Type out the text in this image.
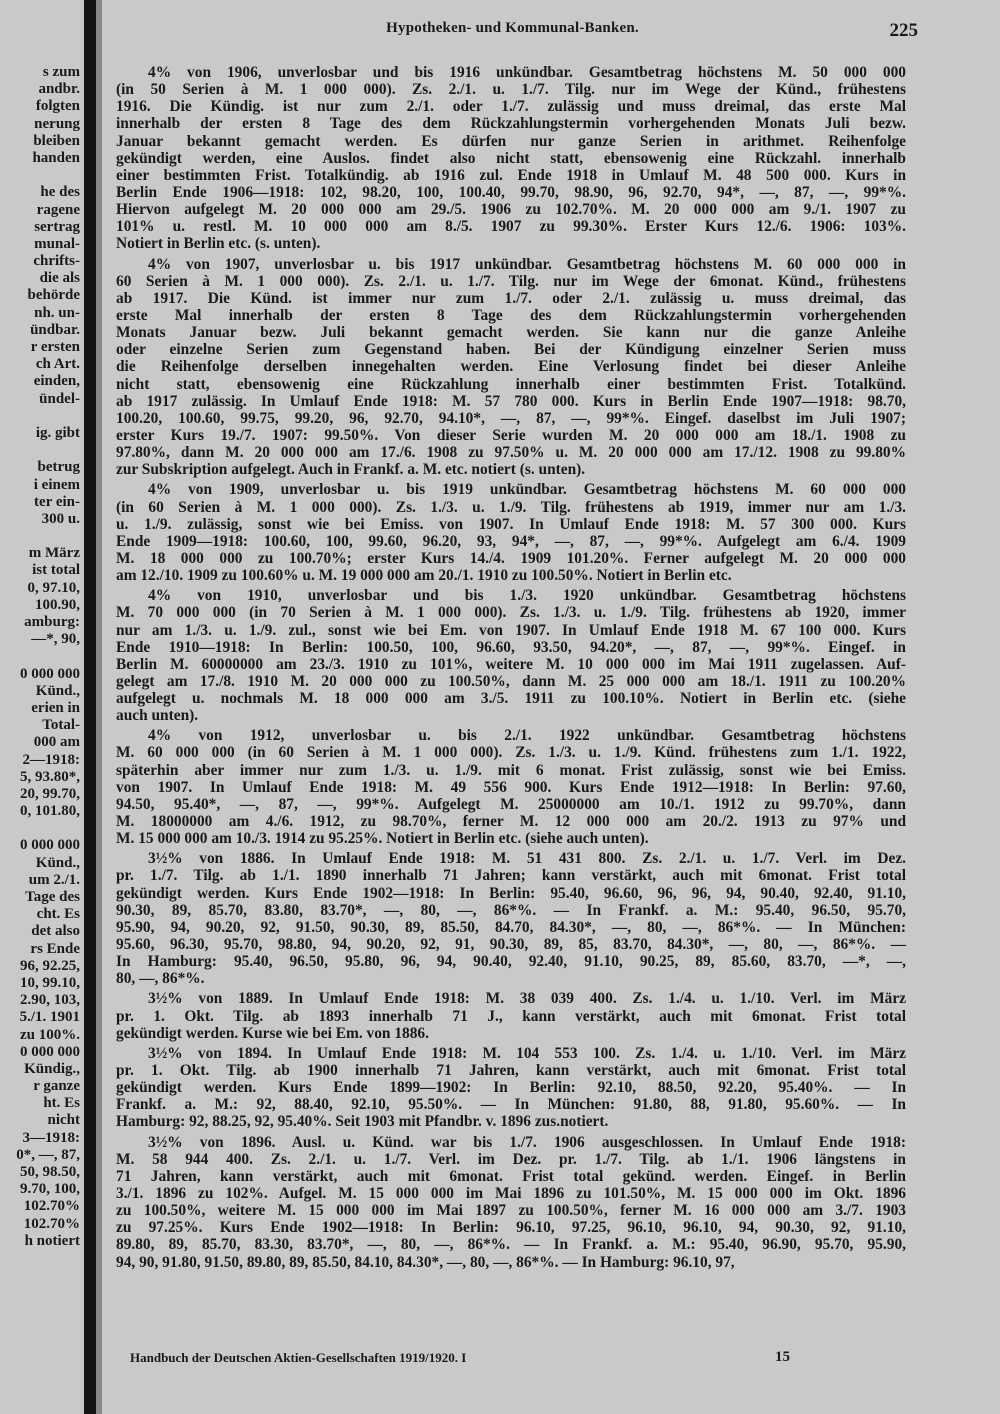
s zum
andbr.
folgten
nerung
bleiben
handen
he des
ragene
sertrag
munal-
chrifts-
die als
behörde
nh. un-
ündbar.
r ersten
ch Art.
einden,
ündel-
ig. gibt
betrug
i einem
ter ein-
300 u.
m März
ist total
0, 97.10,
100.90,
amburg:
—*, 90,
0 000 000
Künd.,
erien in
Total-
000 am
2—1918:
5, 93.80*,
20, 99.70,
0, 101.80,
0 000 000
Künd.,
um 2./1.
Tage des
cht. Es
det also
rs Ende
96, 92.25,
10, 99.10,
2.90, 103,
5./1. 1901
zu 100%.
0 000 000
Kündig.,
r ganze
ht. Es
nicht
3—1918:
0*, —, 87,
50, 98.50,
9.70, 100,
102.70%
102.70%
h notiert
Hypotheken- und Kommunal-Banken.	225
4% von 1906, unverlosbar und bis 1916 unkündbar. Gesamtbetrag höchstens M. 50 000 000
(in 50 Serien à M. 1 000 000). Zs. 2./1. u. 1./7. Tilg. nur im Wege der Künd., frühestens
1916. Die Kündig. ist nur zum 2./1. oder 1./7. zulässig und muss dreimal, das erste Mal
innerhalb der ersten 8 Tage des dem Rückzahlungstermin vorhergehenden Monats Juli bezw.
Januar bekannt gemacht werden. Es dürfen nur ganze Serien in arithmet. Reihenfolge
gekündigt werden, eine Auslos. findet also nicht statt, ebensowenig eine Rückzahl. innerhalb
einer bestimmten Frist. Totalkündig. ab 1916 zul. Ende 1918 in Umlauf M. 48 500 000. Kurs in
Berlin Ende 1906—1918: 102, 98.20, 100, 100.40, 99.70, 98.90, 96, 92.70, 94*, —, 87, —, 99*%.
Hiervon aufgelegt M. 20 000 000 am 29./5. 1906 zu 102.70%. M. 20 000 000 am 9./1. 1907 zu
101% u. restl. M. 10 000 000 am 8./5. 1907 zu 99.30%. Erster Kurs 12./6. 1906: 103%.
Notiert in Berlin etc. (s. unten).
4% von 1907, unverlosbar u. bis 1917 unkündbar. Gesamtbetrag höchstens M. 60 000 000 in
60 Serien à M. 1 000 000). Zs. 2./1. u. 1./7. Tilg. nur im Wege der 6monat. Künd., frühestens
ab 1917. Die Künd. ist immer nur zum 1./7. oder 2./1. zulässig u. muss dreimal, das
erste Mal innerhalb der ersten 8 Tage des dem Rückzahlungstermin vorhergehenden
Monats Januar bezw. Juli bekannt gemacht werden. Sie kann nur die ganze Anleihe
oder einzelne Serien zum Gegenstand haben. Bei der Kündigung einzelner Serien muss
die Reihenfolge derselben innegehalten werden. Eine Verlosung findet bei dieser Anleihe
nicht statt, ebensowenig eine Rückzahlung innerhalb einer bestimmten Frist. Totalkünd.
ab 1917 zulässig. In Umlauf Ende 1918: M. 57 780 000. Kurs in Berlin Ende 1907—1918: 98.70,
100.20, 100.60, 99.75, 99.20, 96, 92.70, 94.10*, —, 87, —, 99*%. Eingef. daselbst im Juli 1907;
erster Kurs 19./7. 1907: 99.50%. Von dieser Serie wurden M. 20 000 000 am 18./1. 1908 zu
97.80%, dann M. 20 000 000 am 17./6. 1908 zu 97.50% u. M. 20 000 000 am 17./12. 1908 zu 99.80%
zur Subskription aufgelegt. Auch in Frankf. a. M. etc. notiert (s. unten).
4% von 1909, unverlosbar u. bis 1919 unkündbar. Gesamtbetrag höchstens M. 60 000 000
(in 60 Serien à M. 1 000 000). Zs. 1./3. u. 1./9. Tilg. frühestens ab 1919, immer nur am 1./3.
u. 1./9. zulässig, sonst wie bei Emiss. von 1907. In Umlauf Ende 1918: M. 57 300 000. Kurs
Ende 1909—1918: 100.60, 100, 99.60, 96.20, 93, 94*, —, 87, —, 99*%. Aufgelegt am 6./4. 1909
M. 18 000 000 zu 100.70%; erster Kurs 14./4. 1909 101.20%. Ferner aufgelegt M. 20 000 000
am 12./10. 1909 zu 100.60% u. M. 19 000 000 am 20./1. 1910 zu 100.50%. Notiert in Berlin etc.
4% von 1910, unverlosbar und bis 1./3. 1920 unkündbar. Gesamtbetrag höchstens
M. 70 000 000 (in 70 Serien à M. 1 000 000). Zs. 1./3. u. 1./9. Tilg. frühestens ab 1920, immer
nur am 1./3. u. 1./9. zul., sonst wie bei Em. von 1907. In Umlauf Ende 1918 M. 67 100 000. Kurs
Ende 1910—1918: In Berlin: 100.50, 100, 96.60, 93.50, 94.20*, —, 87, —, 99*%. Eingef. in
Berlin M. 60000000 am 23./3. 1910 zu 101%, weitere M. 10 000 000 im Mai 1911 zugelassen. Auf-
gelegt am 17./8. 1910 M. 20 000 000 zu 100.50%, dann M. 25 000 000 am 18./1. 1911 zu 100.20%
aufgelegt u. nochmals M. 18 000 000 am 3./5. 1911 zu 100.10%. Notiert in Berlin etc. (siehe
auch unten).
4% von 1912, unverlosbar u. bis 2./1. 1922 unkündbar. Gesamtbetrag höchstens
M. 60 000 000 (in 60 Serien à M. 1 000 000). Zs. 1./3. u. 1./9. Künd. frühestens zum 1./1. 1922,
späterhin aber immer nur zum 1./3. u. 1./9. mit 6 monat. Frist zulässig, sonst wie bei Emiss.
von 1907. In Umlauf Ende 1918: M. 49 556 900. Kurs Ende 1912—1918: In Berlin: 97.60,
94.50, 95.40*, —, 87, —, 99*%. Aufgelegt M. 25000000 am 10./1. 1912 zu 99.70%, dann
M. 18000000 am 4./6. 1912, zu 98.70%, ferner M. 12 000 000 am 20./2. 1913 zu 97% und
M. 15 000 000 am 10./3. 1914 zu 95.25%. Notiert in Berlin etc. (siehe auch unten).
3½% von 1886. In Umlauf Ende 1918: M. 51 431 800. Zs. 2./1. u. 1./7. Verl. im Dez.
pr. 1./7. Tilg. ab 1./1. 1890 innerhalb 71 Jahren; kann verstärkt, auch mit 6monat. Frist total
gekündigt werden. Kurs Ende 1902—1918: In Berlin: 95.40, 96.60, 96, 96, 94, 90.40, 92.40, 91.10,
90.30, 89, 85.70, 83.80, 83.70*, —, 80, —, 86*%. — In Frankf. a. M.: 95.40, 96.50, 95.70,
95.90, 94, 90.20, 92, 91.50, 90.30, 89, 85.50, 84.70, 84.30*, —, 80, —, 86*%. — In München:
95.60, 96.30, 95.70, 98.80, 94, 90.20, 92, 91, 90.30, 89, 85, 83.70, 84.30*, —, 80, —, 86*%. —
In Hamburg: 95.40, 96.50, 95.80, 96, 94, 90.40, 92.40, 91.10, 90.25, 89, 85.60, 83.70, —*, —,
80, —, 86*%.
3½% von 1889. In Umlauf Ende 1918: M. 38 039 400. Zs. 1./4. u. 1./10. Verl. im März
pr. 1. Okt. Tilg. ab 1893 innerhalb 71 J., kann verstärkt, auch mit 6monat. Frist total
gekündigt werden. Kurse wie bei Em. von 1886.
3½% von 1894. In Umlauf Ende 1918: M. 104 553 100. Zs. 1./4. u. 1./10. Verl. im März
pr. 1. Okt. Tilg. ab 1900 innerhalb 71 Jahren, kann verstärkt, auch mit 6monat. Frist total
gekündigt werden. Kurs Ende 1899—1902: In Berlin: 92.10, 88.50, 92.20, 95.40%. — In
Frankf. a. M.: 92, 88.40, 92.10, 95.50%. — In München: 91.80, 88, 91.80, 95.60%. — In
Hamburg: 92, 88.25, 92, 95.40%. Seit 1903 mit Pfandbr. v. 1896 zus.notiert.
3½% von 1896. Ausl. u. Künd. war bis 1./7. 1906 ausgeschlossen. In Umlauf Ende 1918:
M. 58 944 400. Zs. 2./1. u. 1./7. Verl. im Dez. pr. 1./7. Tilg. ab 1./1. 1906 längstens in
71 Jahren, kann verstärkt, auch mit 6monat. Frist total gekünd. werden. Eingef. in Berlin
3./1. 1896 zu 102%. Aufgel. M. 15 000 000 im Mai 1896 zu 101.50%, M. 15 000 000 im Okt. 1896
zu 100.50%, weitere M. 15 000 000 im Mai 1897 zu 100.50%, ferner M. 16 000 000 am 3./7. 1903
zu 97.25%. Kurs Ende 1902—1918: In Berlin: 96.10, 97.25, 96.10, 96.10, 94, 90.30, 92, 91.10,
89.80, 89, 85.70, 83.30, 83.70*, —, 80, —, 86*%. — In Frankf. a. M.: 95.40, 96.90, 95.70, 95.90,
94, 90, 91.80, 91.50, 89.80, 89, 85.50, 84.10, 84.30*, —, 80, —, 86*%. — In Hamburg: 96.10, 97,
Handbuch der Deutschen Aktien-Gesellschaften 1919/1920. I	15
